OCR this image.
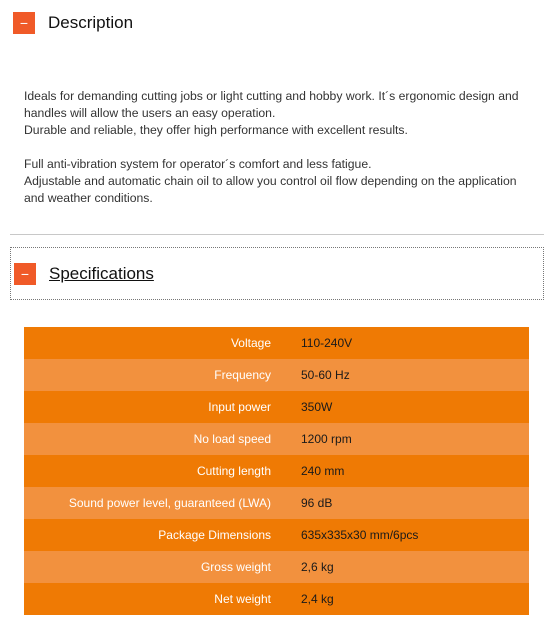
−	Description

Ideals for demanding cutting jobs or light cutting and hobby work. It´s ergonomic design and handles will allow the users an easy operation.
Durable and reliable, they offer high performance with excellent results.

Full anti-vibration system for operator´s comfort and less fatigue.
Adjustable and automatic chain oil to allow you control oil flow depending on the application and weather conditions.

−	Specifications
Voltage	110-240V
Frequency	50-60 Hz
Input power	350W
No load speed	1200 rpm
Cutting length	240 mm
Sound power level, guaranteed (LWA)	96 dB
Package Dimensions	635x335x30 mm/6pcs
Gross weight	2,6 kg
Net weight	2,4 kg
